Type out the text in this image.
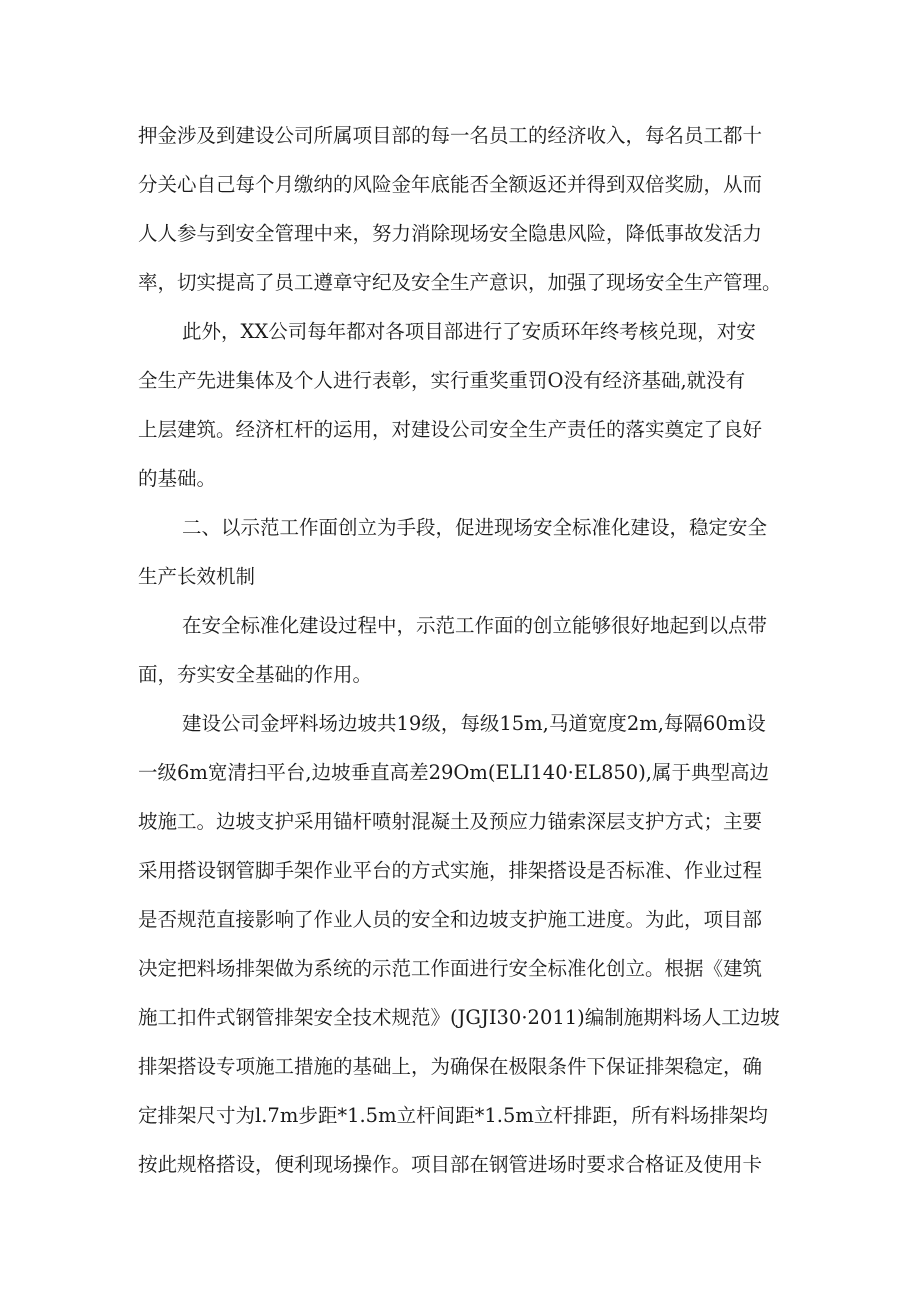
押金涉及到建设公司所属项目部的每一名员工的经济收入，每名员工都十
分关心自己每个月缴纳的风险金年底能否全额返还并得到双倍奖励，从而
人人参与到安全管理中来，努力消除现场安全隐患风险，降低事故发活力
率，切实提高了员工遵章守纪及安全生产意识，加强了现场安全生产管理。
此外，XX公司每年都对各项目部进行了安质环年终考核兑现，对安
全生产先进集体及个人进行表彰，实行重奖重罚O没有经济基础,就没有
上层建筑。经济杠杆的运用，对建设公司安全生产责任的落实奠定了良好
的基础。
二、以示范工作面创立为手段，促进现场安全标准化建设，稳定安全
生产长效机制
在安全标准化建设过程中，示范工作面的创立能够很好地起到以点带
面，夯实安全基础的作用。
建设公司金坪料场边坡共19级，每级15m,马道宽度2m,每隔60m设
一级6m宽清扫平台,边坡垂直高差29Om(ELI140·EL850),属于典型高边
坡施工。边坡支护采用锚杆喷射混凝土及预应力锚索深层支护方式；主要
采用搭设钢管脚手架作业平台的方式实施，排架搭设是否标准、作业过程
是否规范直接影响了作业人员的安全和边坡支护施工进度。为此，项目部
决定把料场排架做为系统的示范工作面进行安全标准化创立。根据《建筑
施工扣件式钢管排架安全技术规范》(JGJI30·2011)编制施期料场人工边坡
排架搭设专项施工措施的基础上，为确保在极限条件下保证排架稳定，确
定排架尺寸为l.7m步距*1.5m立杆间距*1.5m立杆排距，所有料场排架均
按此规格搭设，便利现场操作。项目部在钢管进场时要求合格证及使用卡
